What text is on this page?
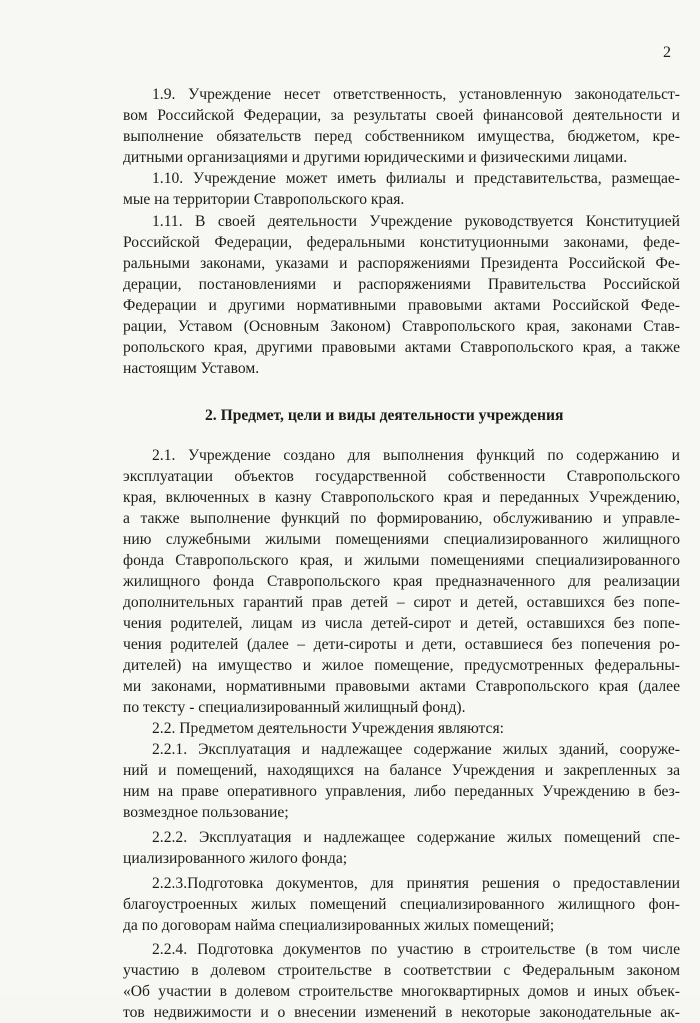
2
1.9. Учреждение несет ответственность, установленную законодательст-
вом Российской Федерации, за результаты своей финансовой деятельности и
выполнение обязательств перед собственником имущества, бюджетом, кре-
дитными организациями и другими юридическими и физическими лицами.
1.10. Учреждение может иметь филиалы и представительства, размещае-
мые на территории Ставропольского края.
1.11. В своей деятельности Учреждение руководствуется Конституцией
Российской Федерации, федеральными конституционными законами, феде-
ральными законами, указами и распоряжениями Президента Российской Фе-
дерации, постановлениями и распоряжениями Правительства Российской
Федерации и другими нормативными правовыми актами Российской Феде-
рации, Уставом (Основным Законом) Ставропольского края, законами Став-
ропольского края, другими правовыми актами Ставропольского края, а также
настоящим Уставом.
2. Предмет, цели и виды деятельности учреждения
2.1. Учреждение создано для выполнения функций по содержанию и
эксплуатации объектов государственной собственности Ставропольского
края, включенных в казну Ставропольского края и переданных Учреждению,
а также выполнение функций по формированию, обслуживанию и управле-
нию служебными жилыми помещениями специализированного жилищного
фонда Ставропольского края, и жилыми помещениями специализированного
жилищного фонда Ставропольского края предназначенного для реализации
дополнительных гарантий прав детей – сирот и детей, оставшихся без попе-
чения родителей, лицам из числа детей-сирот и детей, оставшихся без попе-
чения родителей (далее – дети-сироты и дети, оставшиеся без попечения ро-
дителей) на имущество и жилое помещение, предусмотренных федеральны-
ми законами, нормативными правовыми актами Ставропольского края (далее
по тексту - специализированный жилищный фонд).
2.2. Предметом деятельности Учреждения являются:
2.2.1. Эксплуатация и надлежащее содержание жилых зданий, сооруже-
ний и помещений, находящихся на балансе Учреждения и закрепленных за
ним на праве оперативного управления, либо переданных Учреждению в без-
возмездное пользование;
2.2.2. Эксплуатация и надлежащее содержание жилых помещений спе-
циализированного жилого фонда;
2.2.3.Подготовка документов, для принятия решения о предоставлении
благоустроенных жилых помещений специализированного жилищного фон-
да по договорам найма специализированных жилых помещений;
2.2.4. Подготовка документов по участию в строительстве (в том числе
участию в долевом строительстве в соответствии с Федеральным законом
«Об участии в долевом строительстве многоквартирных домов и иных объек-
тов недвижимости и о внесении изменений в некоторые законодательные ак-
